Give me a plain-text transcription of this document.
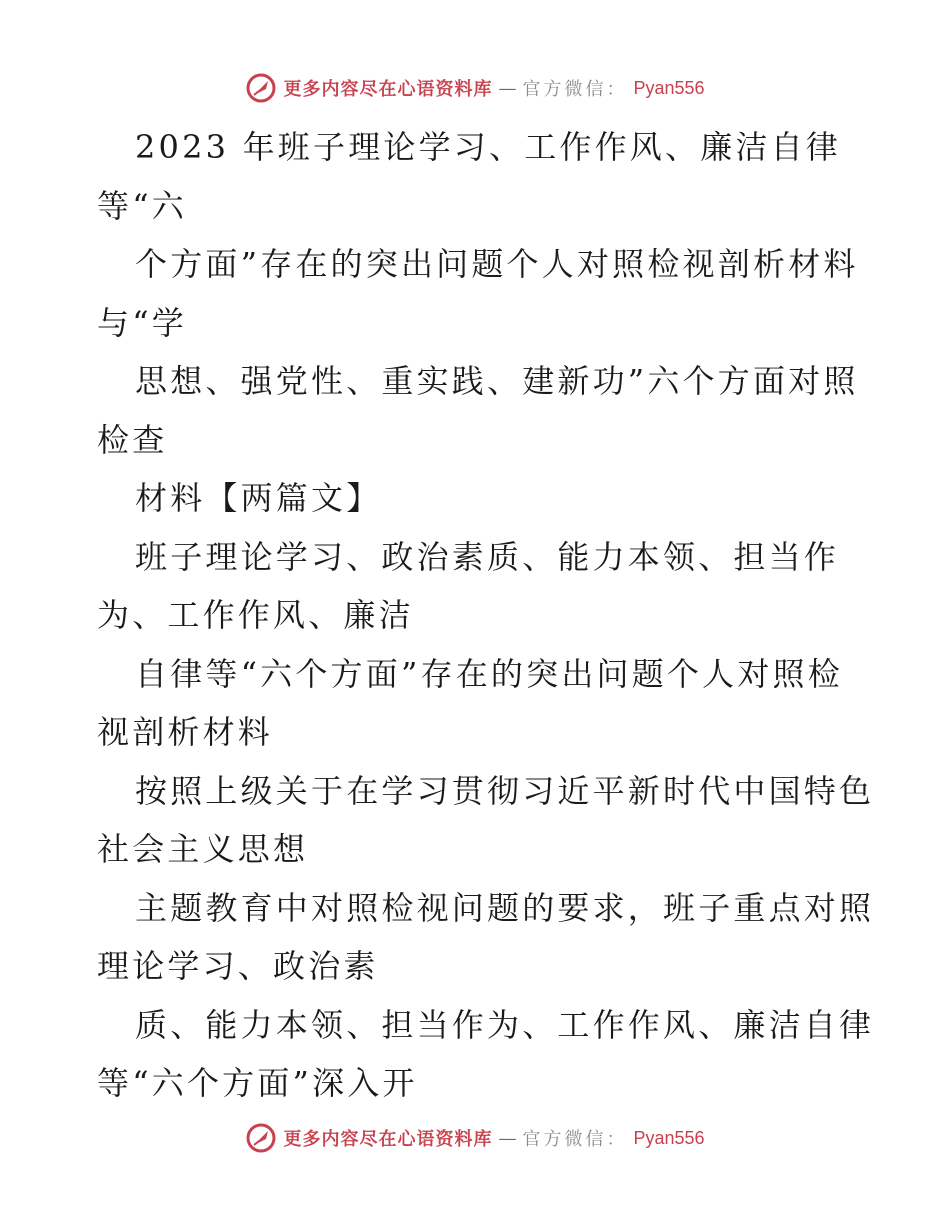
更多内容尽在心语资料库 — 官方微信： Pyan556
2023 年班子理论学习、工作作风、廉洁自律
等“六
个方面”存在的突出问题个人对照检视剖析材料
与“学
思想、强党性、重实践、建新功”六个方面对照
检查
材料【两篇文】
班子理论学习、政治素质、能力本领、担当作
为、工作作风、廉洁
自律等“六个方面”存在的突出问题个人对照检
视剖析材料
按照上级关于在学习贯彻习近平新时代中国特色
社会主义思想
主题教育中对照检视问题的要求，班子重点对照
理论学习、政治素
质、能力本领、担当作为、工作作风、廉洁自律
等“六个方面”深入开
更多内容尽在心语资料库 — 官方微信： Pyan556
